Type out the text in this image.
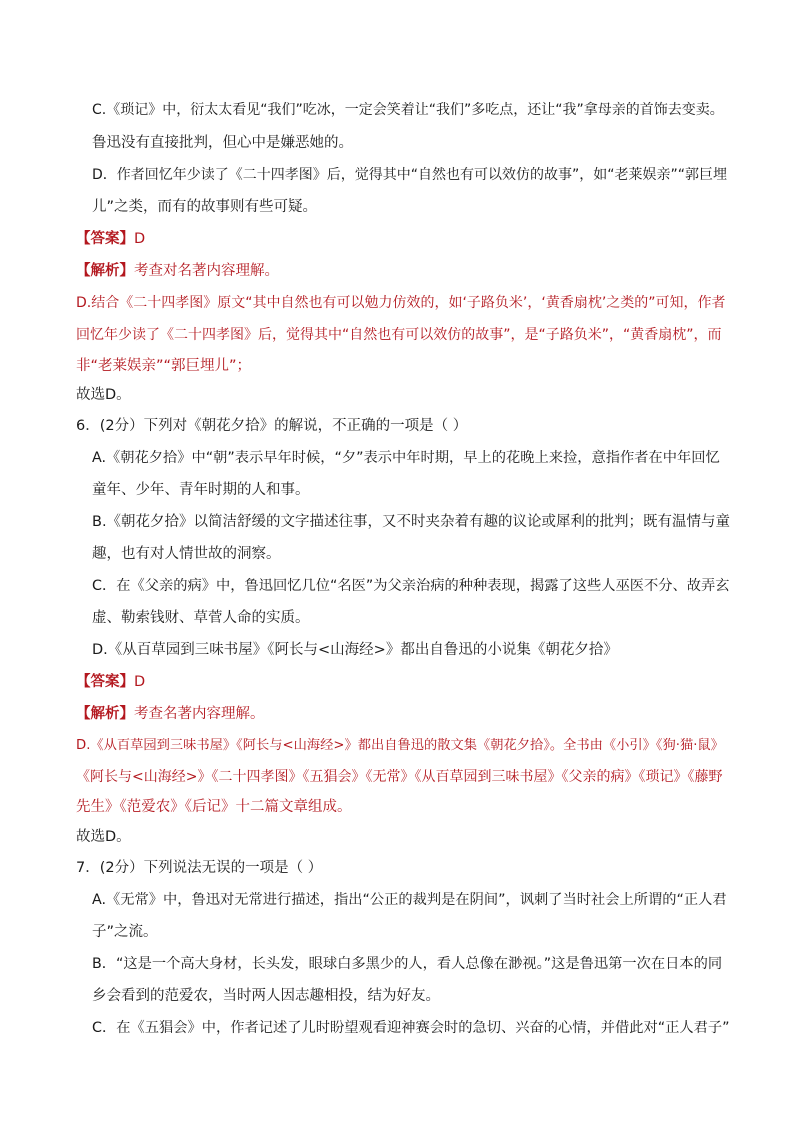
C.《琐记》中，衍太太看见“我们”吃冰，一定会笑着让“我们”多吃点，还让“我”拿母亲的首饰去变卖。
鲁迅没有直接批判，但心中是嫌恶她的。
D．作者回忆年少读了《二十四孝图》后，觉得其中“自然也有可以效仿的故事”，如“老莱娱亲”“郭巨埋
儿”之类，而有的故事则有些可疑。
【答案】D
【解析】考查对名著内容理解。
D.结合《二十四孝图》原文“其中自然也有可以勉力仿效的，如‘子路负米’，‘黄香扇枕’之类的”可知，作者
回忆年少读了《二十四孝图》后，觉得其中“自然也有可以效仿的故事”，是“子路负米”，“黄香扇枕”，而
非“老莱娱亲”“郭巨埋儿”；
故选D。
6．(2分）下列对《朝花夕拾》的解说，不正确的一项是（ ）
A.《朝花夕拾》中“朝”表示早年时候，“夕”表示中年时期，早上的花晚上来捡，意指作者在中年回忆
童年、少年、青年时期的人和事。
B.《朝花夕拾》以简洁舒缓的文字描述往事，又不时夹杂着有趣的议论或犀利的批判；既有温情与童
趣，也有对人情世故的洞察。
C．在《父亲的病》中，鲁迅回忆几位“名医”为父亲治病的种种表现，揭露了这些人巫医不分、故弄玄
虚、勒索钱财、草菅人命的实质。
D.《从百草园到三味书屋》《阿长与<山海经>》都出自鲁迅的小说集《朝花夕拾》
【答案】D
【解析】考查名著内容理解。
D.《从百草园到三味书屋》《阿长与<山海经>》都出自鲁迅的散文集《朝花夕拾》。全书由《小引》《狗·猫·鼠》
《阿长与<山海经>》《二十四孝图》《五猖会》《无常》《从百草园到三味书屋》《父亲的病》《琐记》《藤野
先生》《范爱农》《后记》十二篇文章组成。
故选D。
7．(2分）下列说法无误的一项是（ ）
A.《无常》中，鲁迅对无常进行描述，指出“公正的裁判是在阴间”，讽刺了当时社会上所谓的“正人君
子”之流。
B．“这是一个高大身材，长头发，眼球白多黑少的人，看人总像在渺视。”这是鲁迅第一次在日本的同
乡会看到的范爱农，当时两人因志趣相投，结为好友。
C．在《五猖会》中，作者记述了儿时盼望观看迎神赛会时的急切、兴奋的心情，并借此对“正人君子”
